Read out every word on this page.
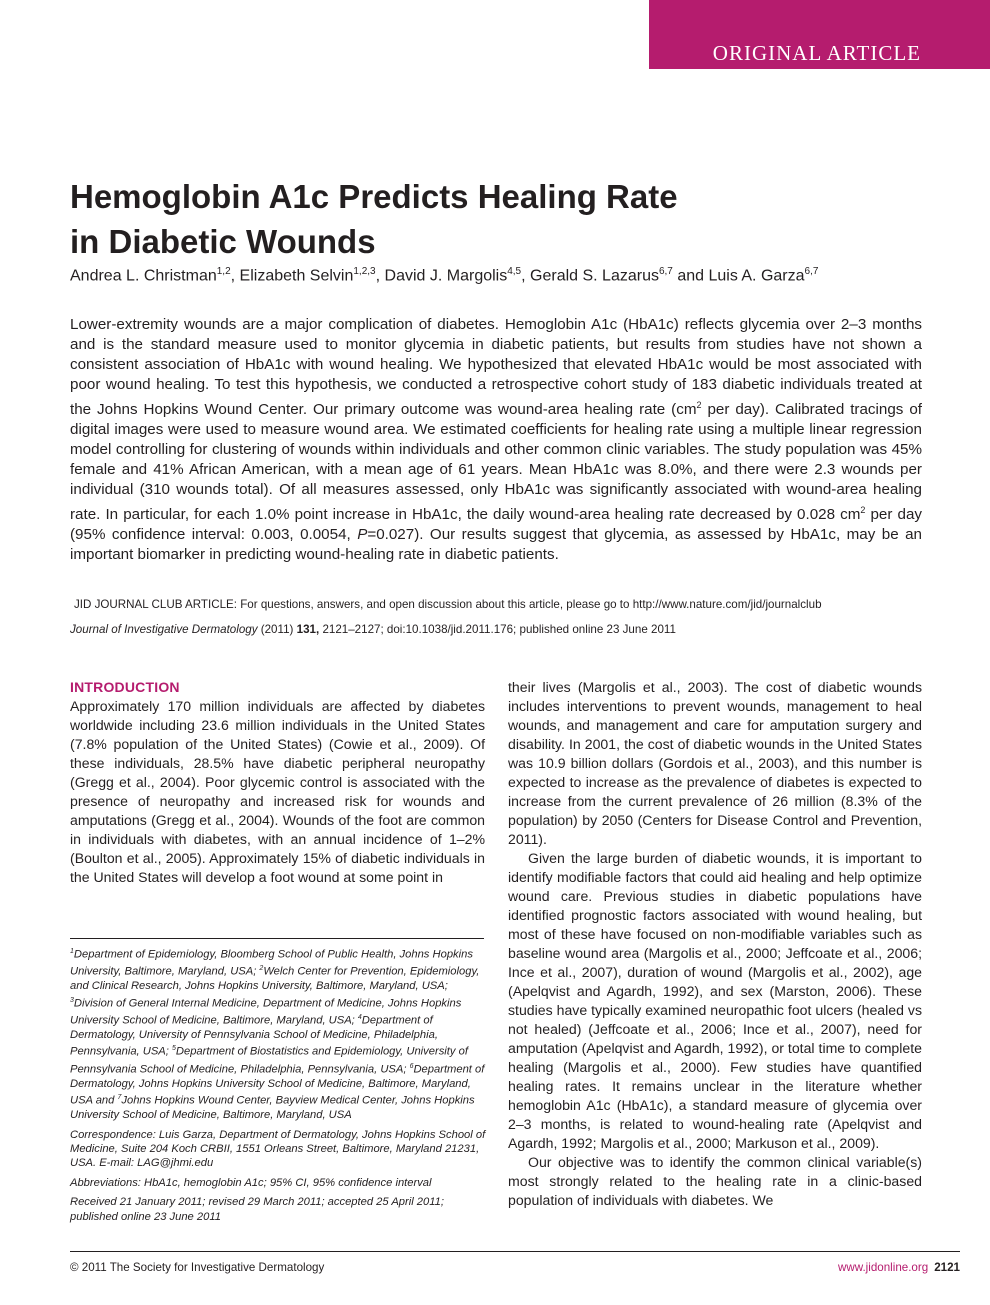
ORIGINAL ARTICLE
Hemoglobin A1c Predicts Healing Rate
in Diabetic Wounds
Andrea L. Christman$^{1,2}$, Elizabeth Selvin$^{1,2,3}$, David J. Margolis$^{4,5}$, Gerald S. Lazarus$^{6,7}$ and Luis A. Garza$^{6,7}$
Lower-extremity wounds are a major complication of diabetes. Hemoglobin A1c (HbA1c) reflects glycemia over 2–3 months and is the standard measure used to monitor glycemia in diabetic patients, but results from studies have not shown a consistent association of HbA1c with wound healing. We hypothesized that elevated HbA1c would be most associated with poor wound healing. To test this hypothesis, we conducted a retrospective cohort study of 183 diabetic individuals treated at the Johns Hopkins Wound Center. Our primary outcome was wound-area healing rate ($cm^2$ per day). Calibrated tracings of digital images were used to measure wound area. We estimated coefficients for healing rate using a multiple linear regression model controlling for clustering of wounds within individuals and other common clinic variables. The study population was 45% female and 41% African American, with a mean age of 61 years. Mean HbA1c was 8.0%, and there were 2.3 wounds per individual (310 wounds total). Of all measures assessed, only HbA1c was significantly associated with wound-area healing rate. In particular, for each 1.0% point increase in HbA1c, the daily wound-area healing rate decreased by 0.028 $cm^2$ per day (95% confidence interval: 0.003, 0.0054, P=0.027). Our results suggest that glycemia, as assessed by HbA1c, may be an important biomarker in predicting wound-healing rate in diabetic patients.
JID JOURNAL CLUB ARTICLE: For questions, answers, and open discussion about this article, please go to http://www.nature.com/jid/journalclub
Journal of Investigative Dermatology (2011) 131, 2121–2127; doi:10.1038/jid.2011.176; published online 23 June 2011
INTRODUCTION

Approximately 170 million individuals are affected by diabetes worldwide including 23.6 million individuals in the United States (7.8% population of the United States) (Cowie et al., 2009). Of these individuals, 28.5% have diabetic peripheral neuropathy (Gregg et al., 2004). Poor glycemic control is associated with the presence of neuropathy and increased risk for wounds and amputations (Gregg et al., 2004). Wounds of the foot are common in individuals with diabetes, with an annual incidence of 1–2% (Boulton et al., 2005). Approximately 15% of diabetic individuals in the United States will develop a foot wound at some point in

their lives (Margolis et al., 2003). The cost of diabetic wounds includes interventions to prevent wounds, management to heal wounds, and management and care for amputation surgery and disability. In 2001, the cost of diabetic wounds in the United States was 10.9 billion dollars (Gordois et al., 2003), and this number is expected to increase as the prevalence of diabetes is expected to increase from the current prevalence of 26 million (8.3% of the population) by 2050 (Centers for Disease Control and Prevention, 2011).

Given the large burden of diabetic wounds, it is important to identify modifiable factors that could aid healing and help optimize wound care. Previous studies in diabetic populations have identified prognostic factors associated with wound healing, but most of these have focused on non-modifiable variables such as baseline wound area (Margolis et al., 2000; Jeffcoate et al., 2006; Ince et al., 2007), duration of wound (Margolis et al., 2002), age (Apelqvist and Agardh, 1992), and sex (Marston, 2006). These studies have typically examined neuropathic foot ulcers (healed vs not healed) (Jeffcoate et al., 2006; Ince et al., 2007), need for amputation (Apelqvist and Agardh, 1992), or total time to complete healing (Margolis et al., 2000). Few studies have quantified healing rates. It remains unclear in the literature whether hemoglobin A1c (HbA1c), a standard measure of glycemia over 2–3 months, is related to wound-healing rate (Apelqvist and Agardh, 1992; Margolis et al., 2000; Markuson et al., 2009).

Our objective was to identify the common clinical variable(s) most strongly related to the healing rate in a clinic-based population of individuals with diabetes. We

$^1$Department of Epidemiology, Bloomberg School of Public Health, Johns Hopkins University, Baltimore, Maryland, USA; $^2$Welch Center for Prevention, Epidemiology, and Clinical Research, Johns Hopkins University, Baltimore, Maryland, USA; $^3$Division of General Internal Medicine, Department of Medicine, Johns Hopkins University School of Medicine, Baltimore, Maryland, USA; $^4$Department of Dermatology, University of Pennsylvania School of Medicine, Philadelphia, Pennsylvania, USA; $^5$Department of Biostatistics and Epidemiology, University of Pennsylvania School of Medicine, Philadelphia, Pennsylvania, USA; $^6$Department of Dermatology, Johns Hopkins University School of Medicine, Baltimore, Maryland, USA and $^7$Johns Hopkins Wound Center, Bayview Medical Center, Johns Hopkins University School of Medicine, Baltimore, Maryland, USA

Correspondence: Luis Garza, Department of Dermatology, Johns Hopkins School of Medicine, Suite 204 Koch CRBII, 1551 Orleans Street, Baltimore, Maryland 21231, USA. E-mail: LAG@jhmi.edu

Abbreviations: HbA1c, hemoglobin A1c; 95% CI, 95% confidence interval

Received 21 January 2011; revised 29 March 2011; accepted 25 April 2011; published online 23 June 2011

© 2011 The Society for Investigative Dermatology	www.jidonline.org 2121
